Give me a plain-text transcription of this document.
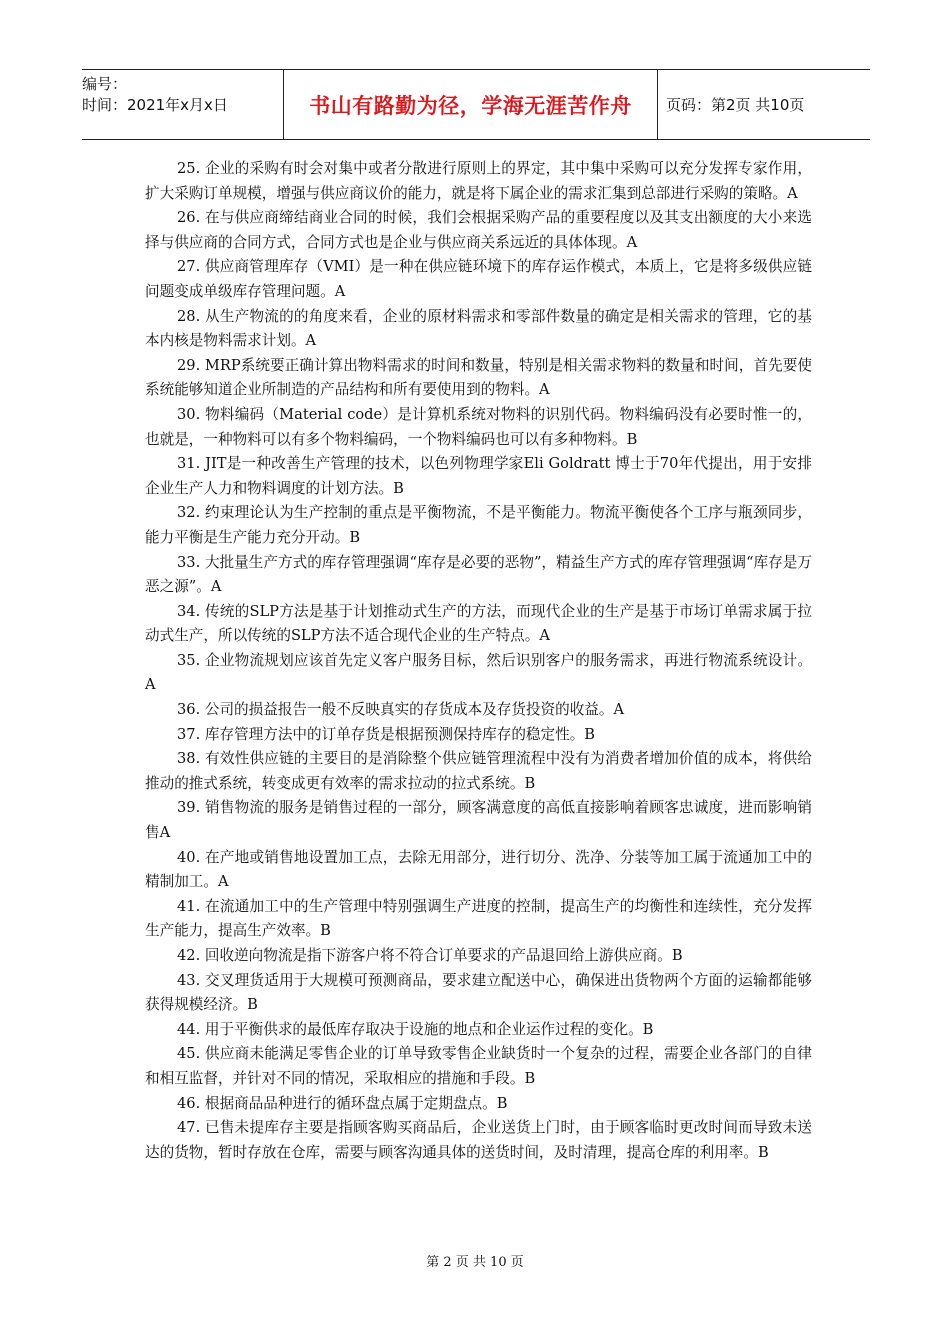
编号：
时间：2021年x月x日	书山有路勤为径，学海无涯苦作舟	页码：第2页 共10页

25. 企业的采购有时会对集中或者分散进行原则上的界定，其中集中采购可以充分发挥专家作用，扩大采购订单规模，增强与供应商议价的能力，就是将下属企业的需求汇集到总部进行采购的策略。A

26. 在与供应商缔结商业合同的时候，我们会根据采购产品的重要程度以及其支出额度的大小来选择与供应商的合同方式，合同方式也是企业与供应商关系远近的具体体现。A

27. 供应商管理库存（VMI）是一种在供应链环境下的库存运作模式，本质上，它是将多级供应链问题变成单级库存管理问题。A

28. 从生产物流的的角度来看，企业的原材料需求和零部件数量的确定是相关需求的管理，它的基本内核是物料需求计划。A

29. MRP系统要正确计算出物料需求的时间和数量，特别是相关需求物料的数量和时间，首先要使系统能够知道企业所制造的产品结构和所有要使用到的物料。A

30. 物料编码（Material code）是计算机系统对物料的识别代码。物料编码没有必要时惟一的，也就是，一种物料可以有多个物料编码，一个物料编码也可以有多种物料。B

31. JIT是一种改善生产管理的技术，以色列物理学家Eli Goldratt 博士于70年代提出，用于安排企业生产人力和物料调度的计划方法。B

32. 约束理论认为生产控制的重点是平衡物流，不是平衡能力。物流平衡使各个工序与瓶颈同步，能力平衡是生产能力充分开动。B

33. 大批量生产方式的库存管理强调“库存是必要的恶物”，精益生产方式的库存管理强调“库存是万恶之源”。A

34. 传统的SLP方法是基于计划推动式生产的方法，而现代企业的生产是基于市场订单需求属于拉动式生产，所以传统的SLP方法不适合现代企业的生产特点。A

35. 企业物流规划应该首先定义客户服务目标，然后识别客户的服务需求，再进行物流系统设计。A

36. 公司的损益报告一般不反映真实的存货成本及存货投资的收益。A

37. 库存管理方法中的订单存货是根据预测保持库存的稳定性。B

38. 有效性供应链的主要目的是消除整个供应链管理流程中没有为消费者增加价值的成本，将供给推动的推式系统，转变成更有效率的需求拉动的拉式系统。B

39. 销售物流的服务是销售过程的一部分，顾客满意度的高低直接影响着顾客忠诚度，进而影响销售A

40. 在产地或销售地设置加工点，去除无用部分，进行切分、洗净、分装等加工属于流通加工中的精制加工。A

41. 在流通加工中的生产管理中特别强调生产进度的控制，提高生产的均衡性和连续性，充分发挥生产能力，提高生产效率。B

42. 回收逆向物流是指下游客户将不符合订单要求的产品退回给上游供应商。B

43. 交叉理货适用于大规模可预测商品，要求建立配送中心，确保进出货物两个方面的运输都能够获得规模经济。B

44. 用于平衡供求的最低库存取决于设施的地点和企业运作过程的变化。B

45. 供应商未能满足零售企业的订单导致零售企业缺货时一个复杂的过程，需要企业各部门的自律和相互监督，并针对不同的情况，采取相应的措施和手段。B

46. 根据商品品种进行的循环盘点属于定期盘点。B

47. 已售未提库存主要是指顾客购买商品后，企业送货上门时，由于顾客临时更改时间而导致未送达的货物，暂时存放在仓库，需要与顾客沟通具体的送货时间，及时清理，提高仓库的利用率。B

第 2 页 共 10 页
